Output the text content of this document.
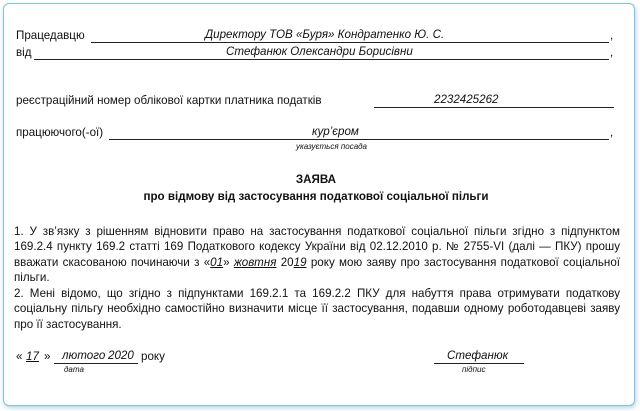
Працедавцю	Директору ТОВ «Буря» Кондратенко Ю. С.	,
від	Стефанюк Олександри Борисівни	,
реєстраційний номер облікової картки платника податків	2232425262
працюючого(-ої)	кур’єром	,
указується посада
ЗАЯВА
про відмову від застосування податкової соціальної пільги
1. У зв’язку з рішенням відновити право на застосування податкової соціальної пільги згідно з підпунктом 169.2.4 пункту 169.2 статті 169 Податкового кодексу України від 02.12.2010 р. № 2755-VI (далі — ПКУ) прошу вважати скасованою починаючи з «01» жовтня 2019 року мою заяву про застосування податкової соціальної пільги.
2. Мені відомо, що згідно з підпунктами 169.2.1 та 169.2.2 ПКУ для набуття права отримувати податкову соціальну пільгу необхідно самостійно визначити місце її застосування, подавши одному роботодавцеві заяву про її застосування.
« 17 » лютого 2020 року
дата
Стефанюк
підпис
